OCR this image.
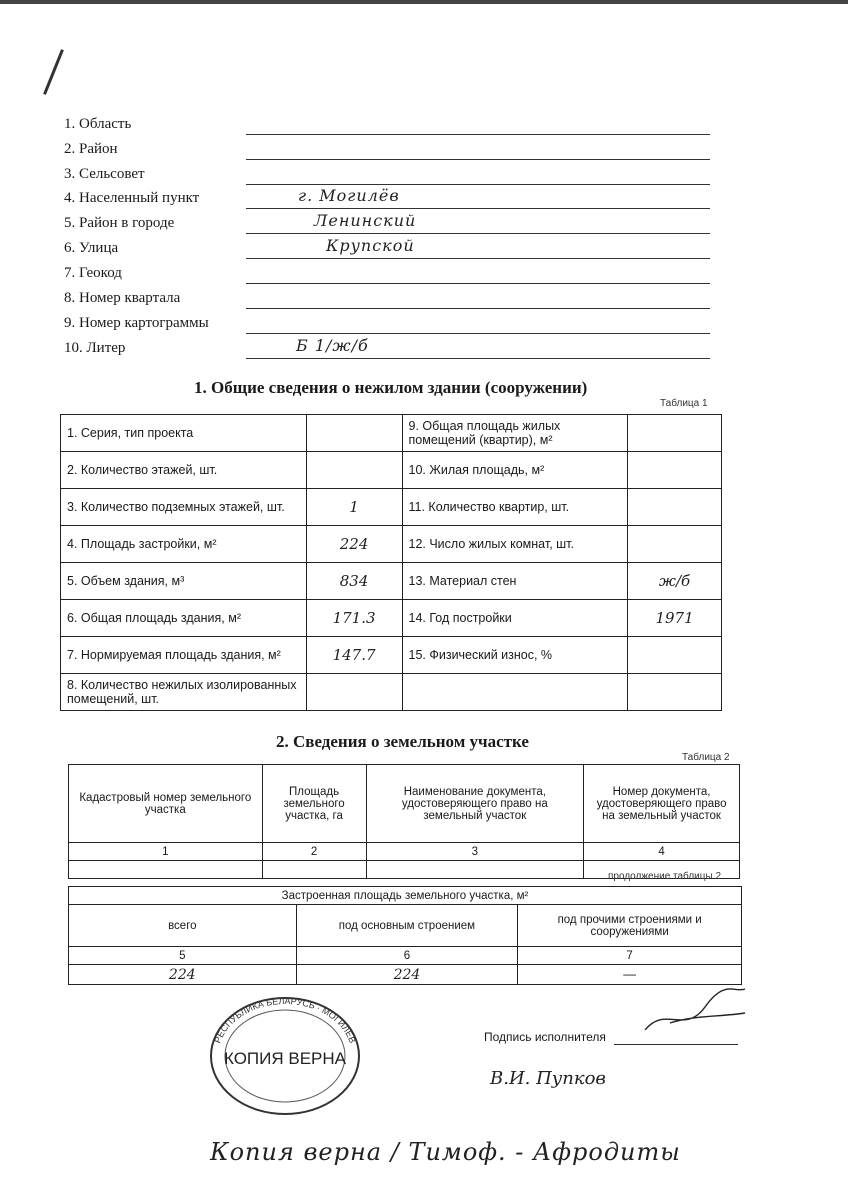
1. Область
2. Район
3. Сельсовет
4. Населенный пункт	г. Могилёв
5. Район в городе	Ленинский
6. Улица	Крупской
7. Геокод
8. Номер квартала
9. Номер картограммы
10. Литер	Б 1/ж/б
1. Общие сведения о нежилом здании (сооружении)
Таблица 1
1. Серия, тип проекта		9. Общая площадь жилых помещений (квартир), м²	
2. Количество этажей, шт.		10. Жилая площадь, м²	
3. Количество подземных этажей, шт.	1	11. Количество квартир, шт.	
4. Площадь застройки, м²	224	12. Число жилых комнат, шт.	
5. Объем здания, м³	834	13. Материал стен	ж/б
6. Общая площадь здания, м²	171.3	14. Год постройки	1971
7. Нормируемая площадь здания, м²	147.7	15. Физический износ, %	
8. Количество нежилых изолированных помещений, шт.			
2. Сведения о земельном участке
Таблица 2
Кадастровый номер земельного участка	Площадь земельного участка, га	Наименование документа, удостоверяющего право на земельный участок	Номер документа, удостоверяющего право на земельный участок
1	2	3	4

продолжение таблицы 2
Застроенная площадь земельного участка, м²		
всего	под основным строением	под прочими строениями и сооружениями
5	6	7
224	224	—
РЕСПУБЛИКА БЕЛАРУСЬ · МОГИЛЁВ
КОПИЯ ВЕРНА
Подпись исполнителя
В.И. Пупков
Копия верна / Тимоф. - Афродиты
